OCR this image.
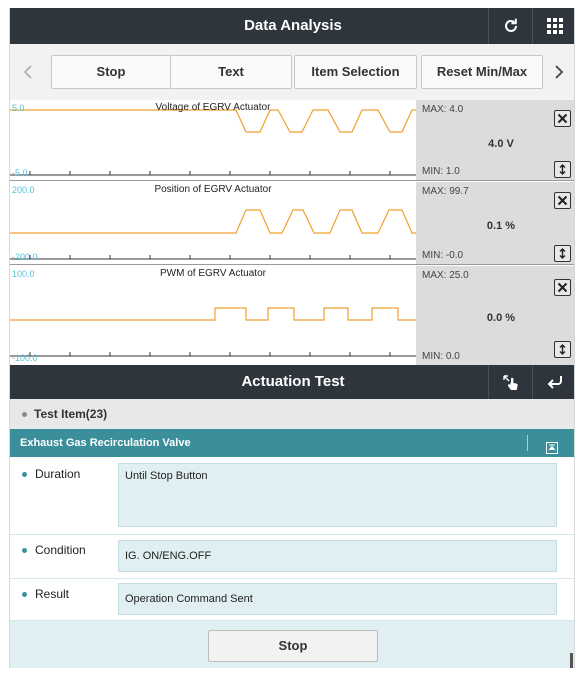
Data Analysis
Stop	Text	Item Selection	Reset Min/Max
5.0
-5.0
Voltage of EGRV Actuator	MAX: 4.0
4.0 V
MIN: 1.0
200.0
-200.0
Position of EGRV Actuator	MAX: 99.7
0.1 %
MIN: -0.0
100.0
-100.0
PWM of EGRV Actuator	MAX: 25.0
0.0 %
MIN: 0.0
Actuation Test
Test Item(23)
Exhaust Gas Recirculation Valve
Duration	Until Stop Button
Condition	IG. ON/ENG.OFF
Result	Operation Command Sent
Stop
